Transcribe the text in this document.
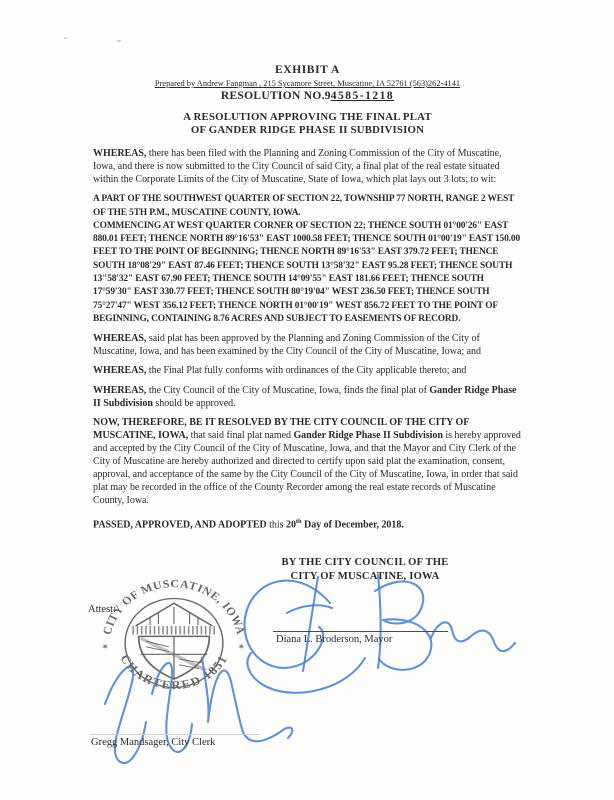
EXHIBIT A
Prepared by Andrew Fangman , 215 Sycamore Street, Muscatine, IA 52761 (563)262-4141
RESOLUTION NO.94585-1218
A RESOLUTION APPROVING THE FINAL PLAT
OF GANDER RIDGE PHASE II SUBDIVISION

WHEREAS, there has been filed with the Planning and Zoning Commission of the City of Muscatine, Iowa, and there is now submitted to the City Council of said City, a final plat of the real estate situated within the Corporate Limits of the City of Muscatine, State of Iowa, which plat lays out 3 lots; to wit:

A PART OF THE SOUTHWEST QUARTER OF SECTION 22, TOWNSHIP 77 NORTH, RANGE 2 WEST OF THE 5TH P.M., MUSCATINE COUNTY, IOWA.

COMMENCING AT WEST QUARTER CORNER OF SECTION 22; THENCE SOUTH 01°00'26" EAST 880.01 FEET; THENCE NORTH 89°16'53" EAST 1000.58 FEET; THENCE SOUTH 01°00'19" EAST 150.00 FEET TO THE POINT OF BEGINNING; THENCE NORTH 89°16'53" EAST 379.72 FEET; THENCE SOUTH 18°08'29" EAST 87.46 FEET; THENCE SOUTH 13°58'32" EAST 95.28 FEET; THENCE SOUTH 13"58'32" EAST 67.90 FEET; THENCE SOUTH 14°09'55" EAST 181.66 FEET; THENCE SOUTH 17°59'30" EAST 330.77 FEET; THENCE SOUTH 80°19'04" WEST 236.50 FEET; THENCE SOUTH 75°27'47" WEST 356.12 FEET; THENCE NORTH 01°00'19" WEST 856.72 FEET TO THE POINT OF BEGINNING, CONTAINING 8.76 ACRES AND SUBJECT TO EASEMENTS OF RECORD.

WHEREAS, said plat has been approved by the Planning and Zoning Commission of the City of Muscatine, Iowa, and has been examined by the City Council of the City of Muscatine, Iowa; and

WHEREAS, the Final Plat fully conforms with ordinances of the City applicable thereto; and

WHEREAS, the City Council of the City of Muscatine, Iowa, finds the final plat of Gander Ridge Phase II Subdivision should be approved.

NOW, THEREFORE, BE IT RESOLVED BY THE CITY COUNCIL OF THE CITY OF MUSCATINE, IOWA, that said final plat named Gander Ridge Phase II Subdivision is hereby approved and accepted by the City Council of the City of Muscatine, Iowa, and that the Mayor and City Clerk of the City of Muscatine are hereby authorized and directed to certify upon said plat the examination, consent, approval, and acceptance of the same by the City Council of the City of Muscatine, Iowa, in order that said plat may be recorded in the office of the County Recorder among the real estate records of Muscatine County, Iowa.

PASSED, APPROVED, AND ADOPTED this 20th Day of December, 2018.

BY THE CITY COUNCIL OF THE
CITY OF MUSCATINE, IOWA
CITY OF MUSCATINE, IOWA
CHARTERED 1851
✶	✶
Attest:
Diana L. Broderson, Mayor
Gregg Mandsager, City Clerk
